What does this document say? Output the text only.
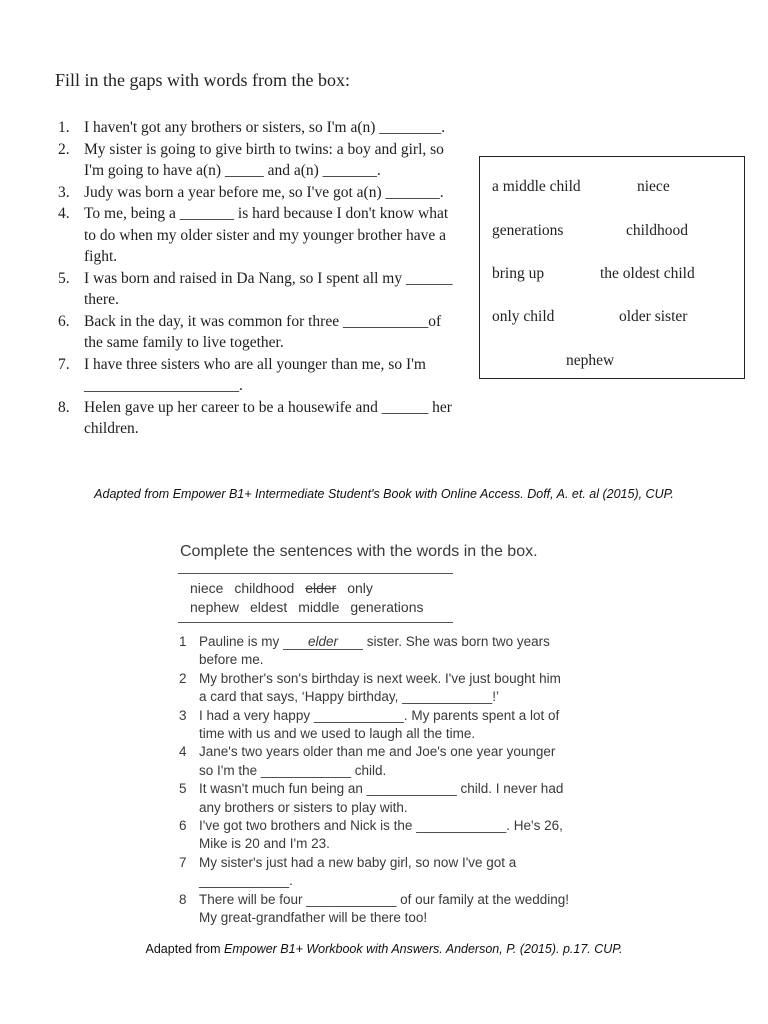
Fill in the gaps with words from the box:
1. I haven't got any brothers or sisters, so I'm a(n) ________.
2. My sister is going to give birth to twins: a boy and girl, so I'm going to have a(n) _____ and a(n) _______.
3. Judy was born a year before me, so I've got a(n) _______.
4. To me, being a _______ is hard because I don't know what to do when my older sister and my younger brother have a fight.
5. I was born and raised in Da Nang, so I spent all my ______ there.
6. Back in the day, it was common for three ___________of the same family to live together.
7. I have three sisters who are all younger than me, so I'm ____________________.
8. Helen gave up her career to be a housewife and ______ her children.
a middle child	niece
generations	childhood
bring up	the oldest child
only child	older sister
nephew
Adapted from Empower B1+ Intermediate Student's Book with Online Access. Doff, A. et. al (2015), CUP.
Complete the sentences with the words in the box.
niece childhood elder only
nephew eldest middle generations
1 Pauline is my elder sister. She was born two years before me.
2 My brother's son's birthday is next week. I've just bought him a card that says, ‘Happy birthday, ____________!’
3 I had a very happy ____________. My parents spent a lot of time with us and we used to laugh all the time.
4 Jane's two years older than me and Joe's one year younger so I'm the ____________ child.
5 It wasn't much fun being an ____________ child. I never had any brothers or sisters to play with.
6 I've got two brothers and Nick is the ____________. He's 26, Mike is 20 and I'm 23.
7 My sister's just had a new baby girl, so now I've got a ____________.
8 There will be four ____________ of our family at the wedding! My great-grandfather will be there too!
Adapted from Empower B1+ Workbook with Answers. Anderson, P. (2015). p.17. CUP.
